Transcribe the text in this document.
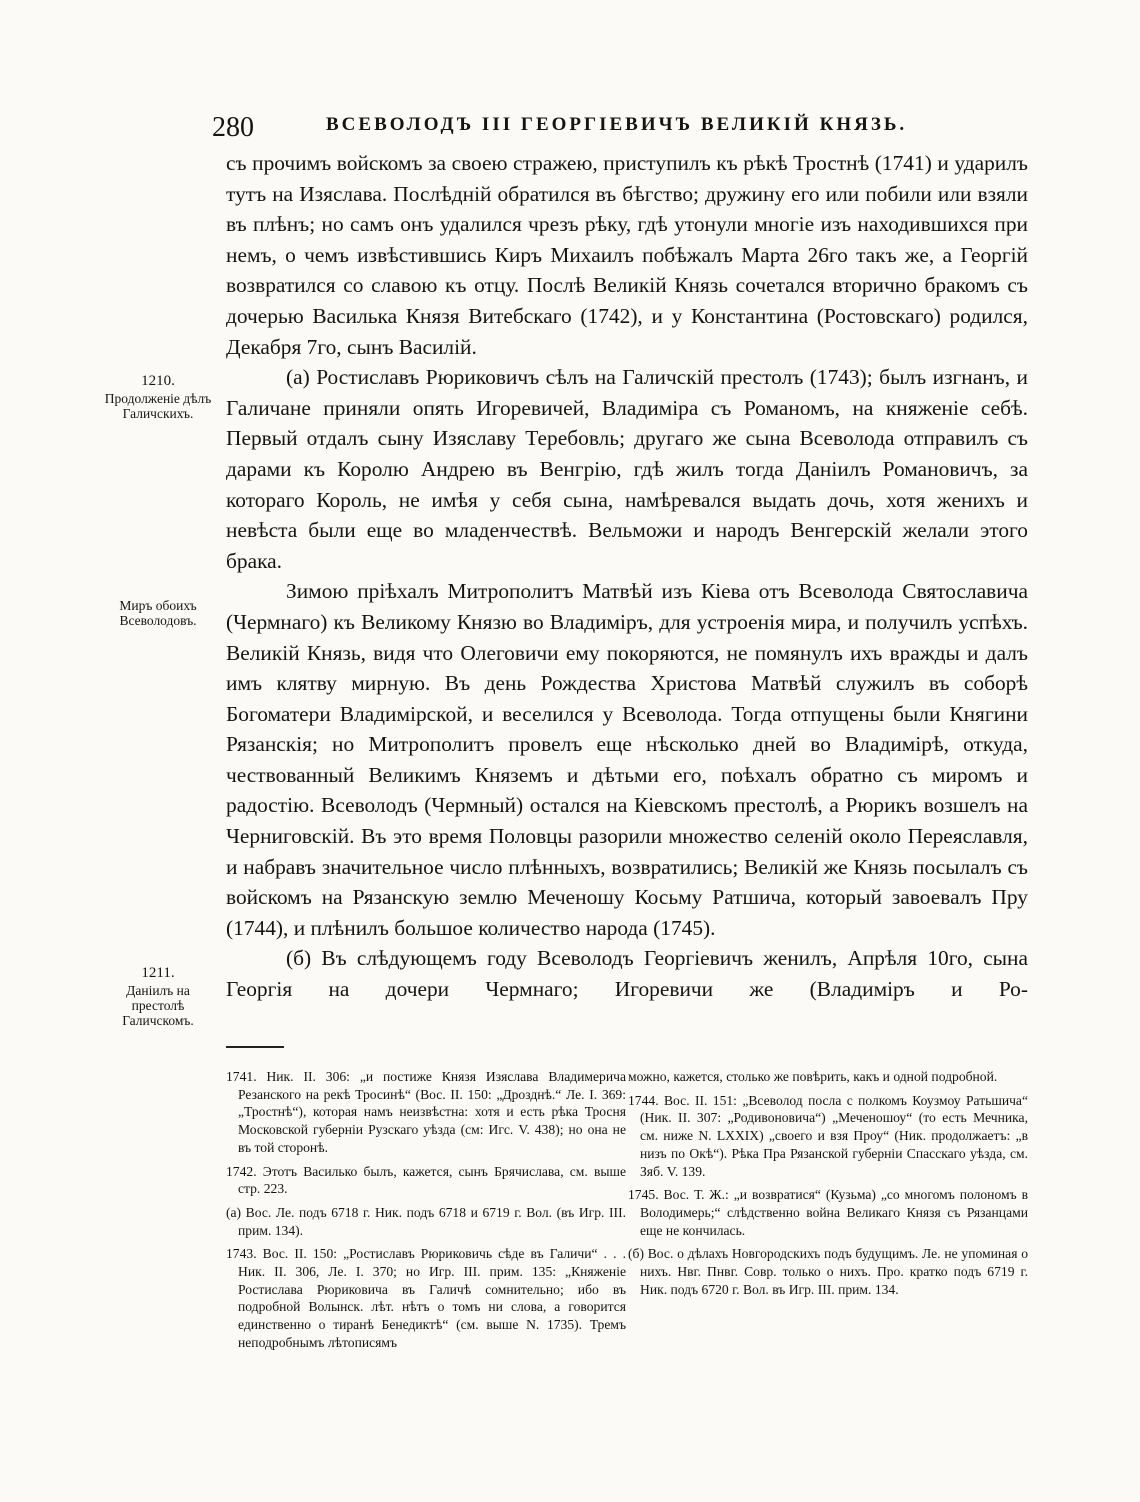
280	ВСЕВОЛОДЪ III ГЕОРГІЕВИЧЪ ВЕЛИКІЙ КНЯЗЬ.
1210.
Продолженіе дѣлъ Галичскихъ.
Миръ обоихъ Всеволодовъ.
1211.
Даніилъ на престолѣ Галичскомъ.

съ прочимъ войскомъ за своею стражею, приступилъ къ рѣкѣ Тростнѣ (1741) и ударилъ тутъ на Изяслава. Послѣдній обратился въ бѣгство; дружину его или побили или взяли въ плѣнъ; но самъ онъ удалился чрезъ рѣку, гдѣ утонули многіе изъ находившихся при немъ, о чемъ извѣстившись Киръ Михаилъ побѣжалъ Марта 26го такъ же, а Георгій возвратился со славою къ отцу. Послѣ Великій Князь сочетался вторично бракомъ съ дочерью Василька Князя Витебскаго (1742), и у Константина (Ростовскаго) родился, Декабря 7го, сынъ Василій.

(а) Ростиславъ Рюриковичъ сѣлъ на Галичскій престолъ (1743); былъ изгнанъ, и Галичане приняли опять Игоревичей, Владиміра съ Романомъ, на княженіе себѣ. Первый отдалъ сыну Изяславу Теребовль; другаго же сына Всеволода отправилъ съ дарами къ Королю Андрею въ Венгрію, гдѣ жилъ тогда Даніилъ Романовичъ, за котораго Король, не имѣя у себя сына, намѣревался выдать дочь, хотя женихъ и невѣста были еще во младенчествѣ. Вельможи и народъ Венгерскій желали этого брака.

Зимою пріѣхалъ Митрополитъ Матвѣй изъ Кіева отъ Всеволода Святославича (Чермнаго) къ Великому Князю во Владиміръ, для устроенія мира, и получилъ успѣхъ. Великій Князь, видя что Олеговичи ему покоряются, не помянулъ ихъ вражды и далъ имъ клятву мирную. Въ день Рождества Христова Матвѣй служилъ въ соборѣ Богоматери Владимірской, и веселился у Всеволода. Тогда отпущены были Княгини Рязанскія; но Митрополитъ провелъ еще нѣсколько дней во Владимірѣ, откуда, чествованный Великимъ Княземъ и дѣтьми его, поѣхалъ обратно съ миромъ и радостію. Всеволодъ (Чермный) остался на Кіевскомъ престолѣ, а Рюрикъ возшелъ на Черниговскій. Въ это время Половцы разорили множество селеній около Переяславля, и набравъ значительное число плѣнныхъ, возвратились; Великій же Князь посылалъ съ войскомъ на Рязанскую землю Меченошу Косьму Ратшича, который завоевалъ Пру (1744), и плѣнилъ большое количество народа (1745).

(б) Въ слѣдующемъ году Всеволодъ Георгіевичъ женилъ, Апрѣля 10го, сына Георгія на дочери Чермнаго; Игоревичи же (Владиміръ и Ро-

1741. Ник. II. 306: „и постиже Князя Изяслава Владимерича Резанского на рекѣ Тросинѣ“ (Вос. II. 150: „Дрозднѣ.“ Ле. I. 369: „Тростнѣ“), которая намъ неизвѣстна: хотя и есть рѣка Тросня Московской губерніи Рузскаго уѣзда (см: Игс. V. 438); но она не въ той сторонѣ.

1742. Этотъ Василько былъ, кажется, сынъ Брячислава, см. выше стр. 223.

(а) Вос. Ле. подъ 6718 г. Ник. подъ 6718 и 6719 г. Вол. (въ Игр. III. прим. 134).

1743. Вос. II. 150: „Ростиславъ Рюриковичь сѣде въ Галичи“ . . . Ник. II. 306, Ле. I. 370; но Игр. III. прим. 135: „Княженіе Ростислава Рюриковича въ Галичѣ сомнительно; ибо въ подробной Волынск. лѣт. нѣтъ о томъ ни слова, а говорится единственно о тиранѣ Бенедиктѣ“ (см. выше N. 1735). Тремъ неподробнымъ лѣтописямъ

можно, кажется, столько же повѣрить, какъ и одной подробной.

1744. Вос. II. 151: „Всеволод посла с полкомъ Коузмоу Ратьшича“ (Ник. II. 307: „Родивоновича“) „Меченошоу“ (то есть Мечника, см. ниже N. LXXIX) „своего и взя Проу“ (Ник. продолжаетъ: „в низъ по Окѣ“). Рѣка Пра Рязанской губерніи Спасскаго уѣзда, см. Зяб. V. 139.

1745. Вос. Т. Ж.: „и возвратися“ (Кузьма) „со многомъ полономъ в Володимерь;“ слѣдственно война Великаго Князя съ Рязанцами еще не кончилась.

(б) Вос. о дѣлахъ Новгородскихъ подъ будущимъ. Ле. не упоминая о нихъ. Нвг. Пнвг. Совр. только о нихъ. Про. кратко подъ 6719 г. Ник. подъ 6720 г. Вол. въ Игр. III. прим. 134.
